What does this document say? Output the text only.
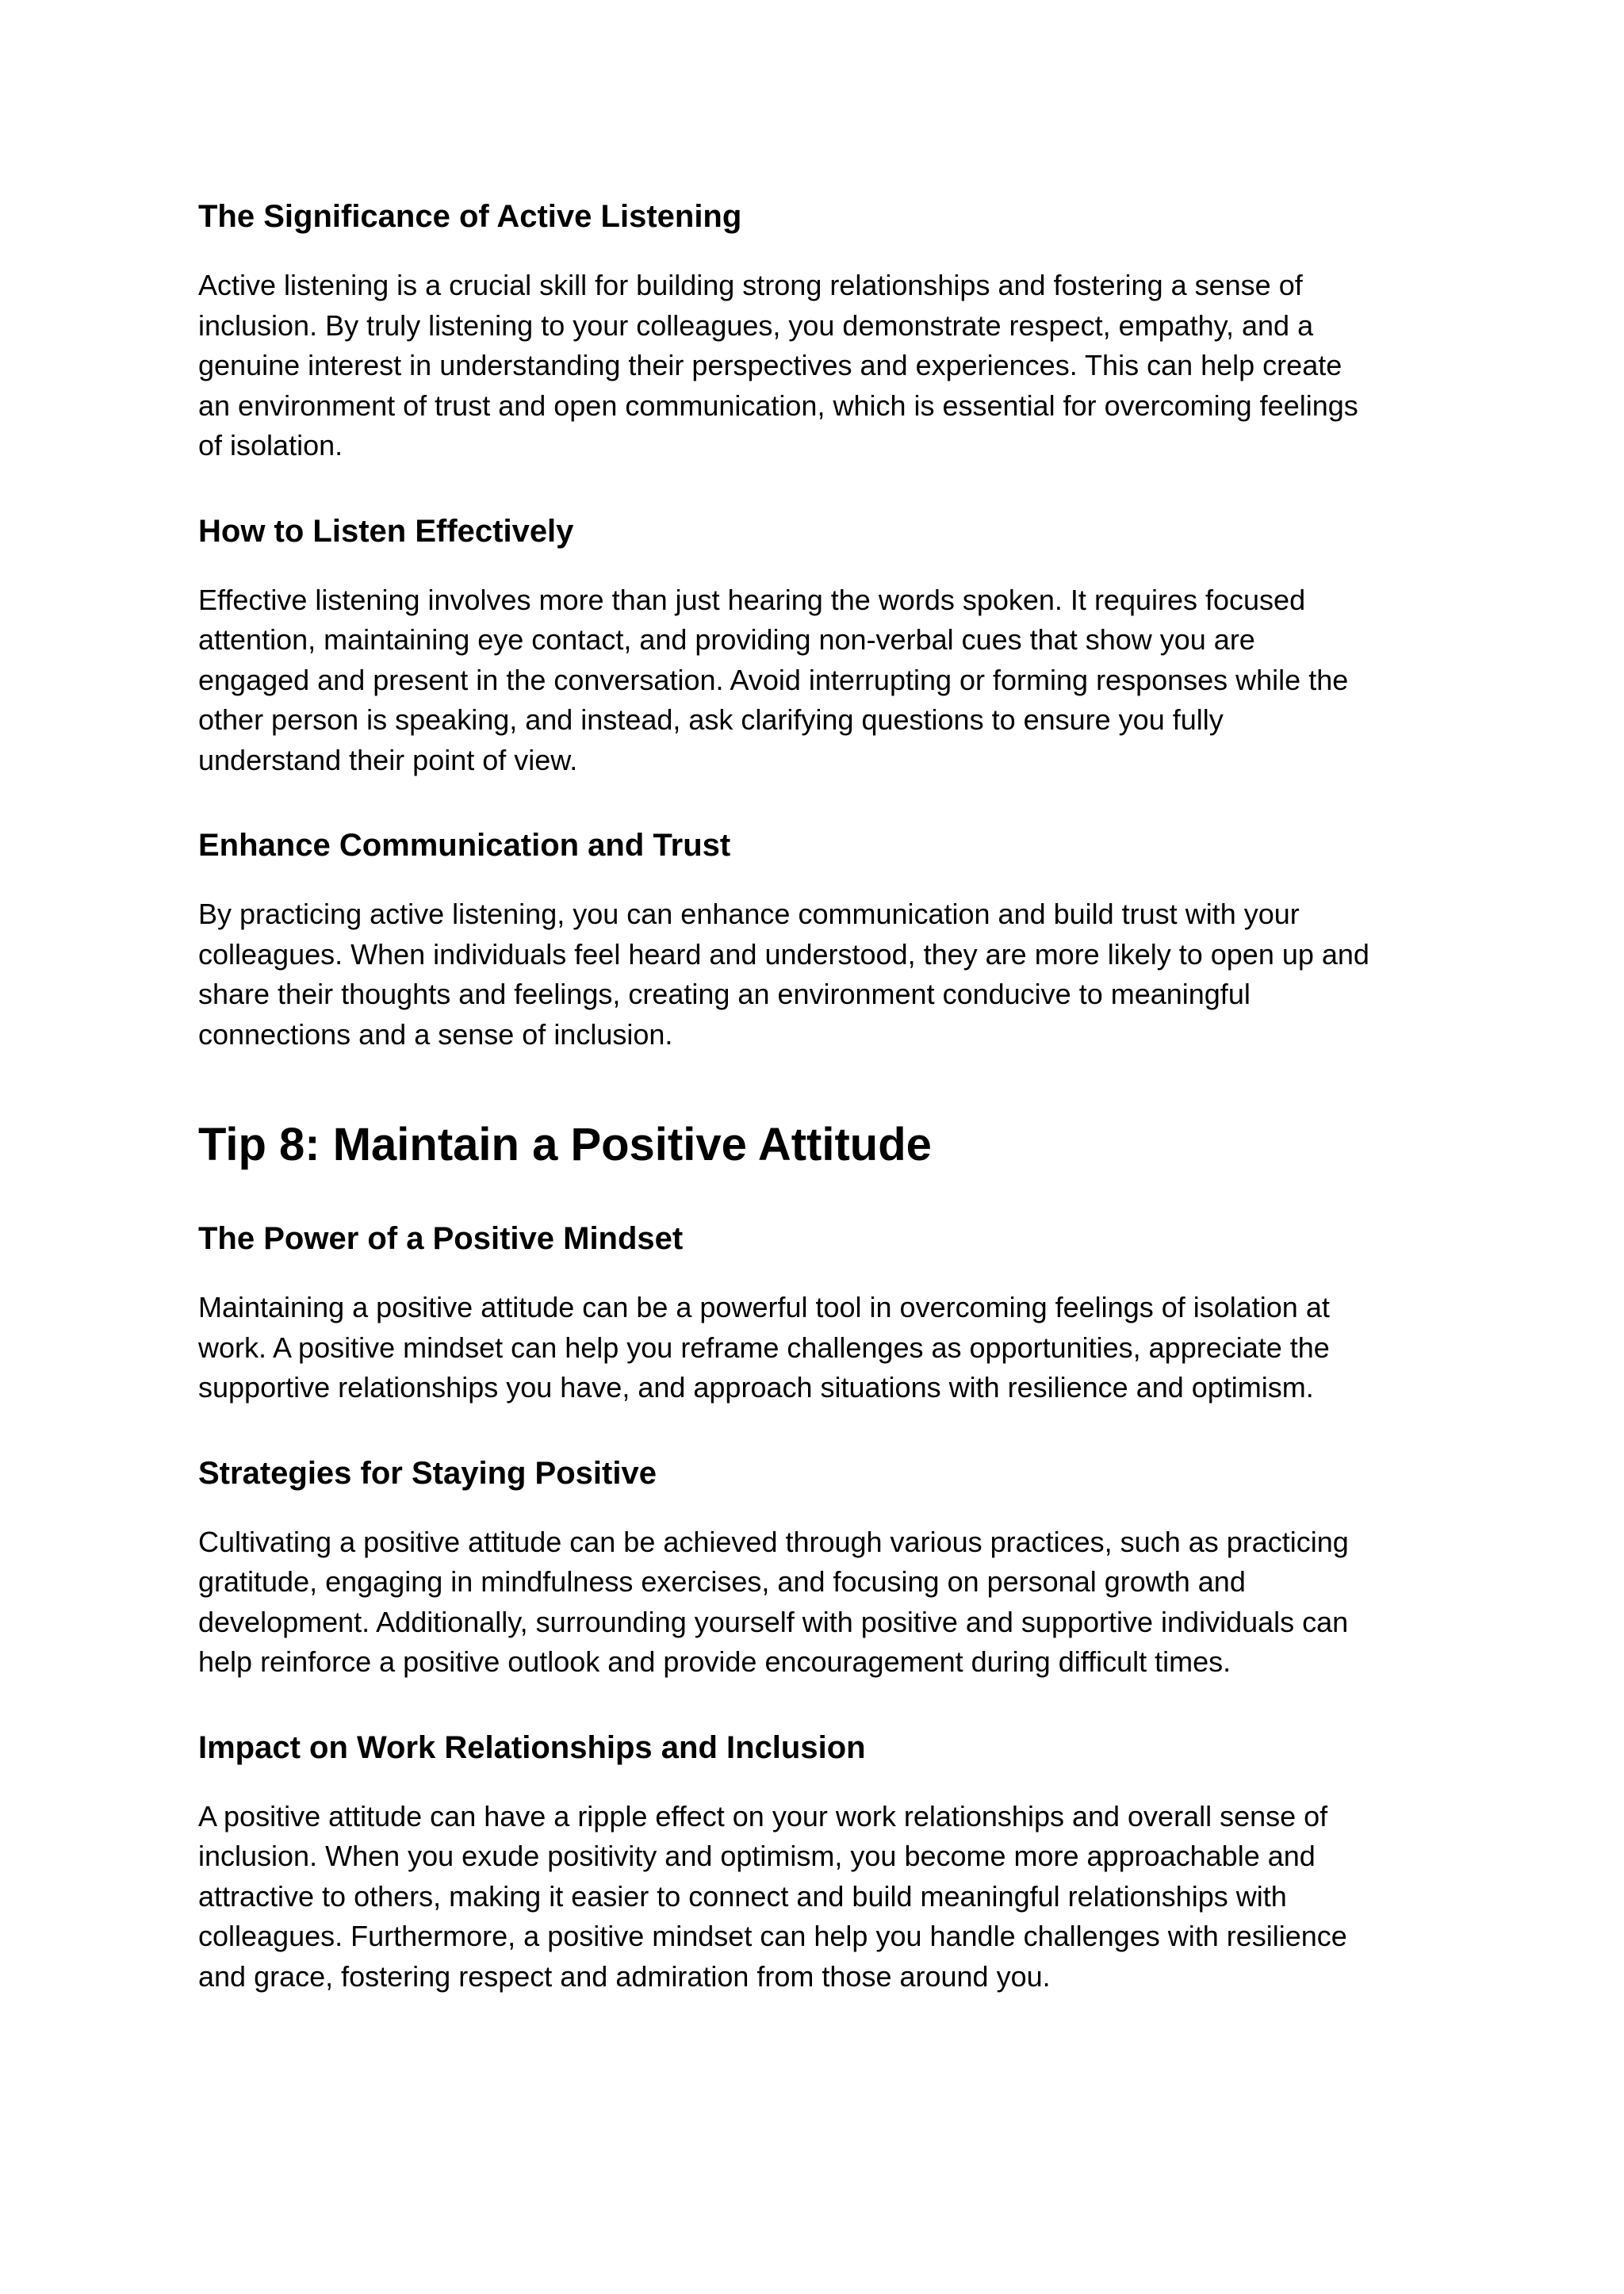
The Significance of Active Listening

Active listening is a crucial skill for building strong relationships and fostering a sense of
inclusion. By truly listening to your colleagues, you demonstrate respect, empathy, and a
genuine interest in understanding their perspectives and experiences. This can help create
an environment of trust and open communication, which is essential for overcoming feelings
of isolation.

How to Listen Effectively

Effective listening involves more than just hearing the words spoken. It requires focused
attention, maintaining eye contact, and providing non-verbal cues that show you are
engaged and present in the conversation. Avoid interrupting or forming responses while the
other person is speaking, and instead, ask clarifying questions to ensure you fully
understand their point of view.

Enhance Communication and Trust

By practicing active listening, you can enhance communication and build trust with your
colleagues. When individuals feel heard and understood, they are more likely to open up and
share their thoughts and feelings, creating an environment conducive to meaningful
connections and a sense of inclusion.

Tip 8: Maintain a Positive Attitude
The Power of a Positive Mindset

Maintaining a positive attitude can be a powerful tool in overcoming feelings of isolation at
work. A positive mindset can help you reframe challenges as opportunities, appreciate the
supportive relationships you have, and approach situations with resilience and optimism.

Strategies for Staying Positive

Cultivating a positive attitude can be achieved through various practices, such as practicing
gratitude, engaging in mindfulness exercises, and focusing on personal growth and
development. Additionally, surrounding yourself with positive and supportive individuals can
help reinforce a positive outlook and provide encouragement during difficult times.

Impact on Work Relationships and Inclusion

A positive attitude can have a ripple effect on your work relationships and overall sense of
inclusion. When you exude positivity and optimism, you become more approachable and
attractive to others, making it easier to connect and build meaningful relationships with
colleagues. Furthermore, a positive mindset can help you handle challenges with resilience
and grace, fostering respect and admiration from those around you.
